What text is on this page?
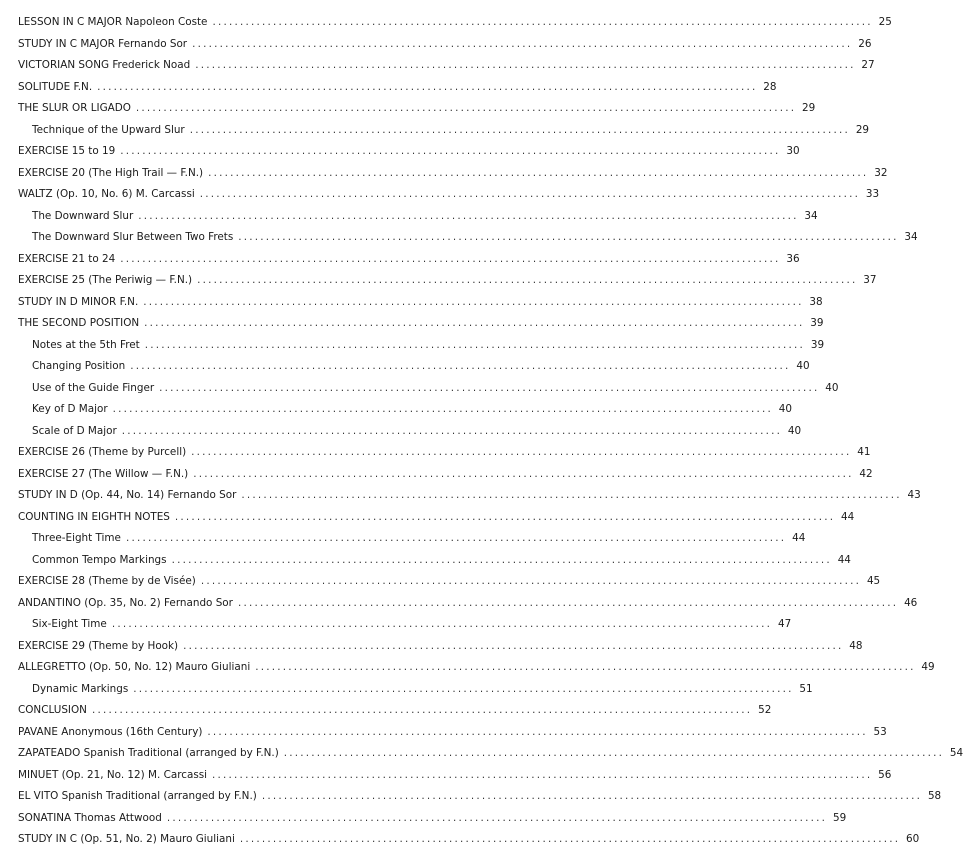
LESSON IN C MAJOR Napoleon Coste ........................................................................................................................ 25
STUDY IN C MAJOR Fernando Sor ........................................................................................................................ 26
VICTORIAN SONG Frederick Noad ........................................................................................................................ 27
SOLITUDE F.N. ........................................................................................................................ 28
THE SLUR OR LIGADO ........................................................................................................................ 29
Technique of the Upward Slur ........................................................................................................................ 29
EXERCISE 15 to 19 ........................................................................................................................ 30
EXERCISE 20 (The High Trail — F.N.) ........................................................................................................................ 32
WALTZ (Op. 10, No. 6) M. Carcassi ........................................................................................................................ 33
The Downward Slur ........................................................................................................................ 34
The Downward Slur Between Two Frets ........................................................................................................................ 34
EXERCISE 21 to 24 ........................................................................................................................ 36
EXERCISE 25 (The Periwig — F.N.) ........................................................................................................................ 37
STUDY IN D MINOR F.N. ........................................................................................................................ 38
THE SECOND POSITION ........................................................................................................................ 39
Notes at the 5th Fret ........................................................................................................................ 39
Changing Position ........................................................................................................................ 40
Use of the Guide Finger ........................................................................................................................ 40
Key of D Major ........................................................................................................................ 40
Scale of D Major ........................................................................................................................ 40
EXERCISE 26 (Theme by Purcell) ........................................................................................................................ 41
EXERCISE 27 (The Willow — F.N.) ........................................................................................................................ 42
STUDY IN D (Op. 44, No. 14) Fernando Sor ........................................................................................................................ 43
COUNTING IN EIGHTH NOTES ........................................................................................................................ 44
Three-Eight Time ........................................................................................................................ 44
Common Tempo Markings ........................................................................................................................ 44
EXERCISE 28 (Theme by de Visée) ........................................................................................................................ 45
ANDANTINO (Op. 35, No. 2) Fernando Sor ........................................................................................................................ 46
Six-Eight Time ........................................................................................................................ 47
EXERCISE 29 (Theme by Hook) ........................................................................................................................ 48
ALLEGRETTO (Op. 50, No. 12) Mauro Giuliani ........................................................................................................................ 49
Dynamic Markings ........................................................................................................................ 51
CONCLUSION ........................................................................................................................ 52
PAVANE Anonymous (16th Century) ........................................................................................................................ 53
ZAPATEADO Spanish Traditional (arranged by F.N.) ........................................................................................................................ 54
MINUET (Op. 21, No. 12) M. Carcassi ........................................................................................................................ 56
EL VITO Spanish Traditional (arranged by F.N.) ........................................................................................................................ 58
SONATINA Thomas Attwood ........................................................................................................................ 59
STUDY IN C (Op. 51, No. 2) Mauro Giuliani ........................................................................................................................ 60
